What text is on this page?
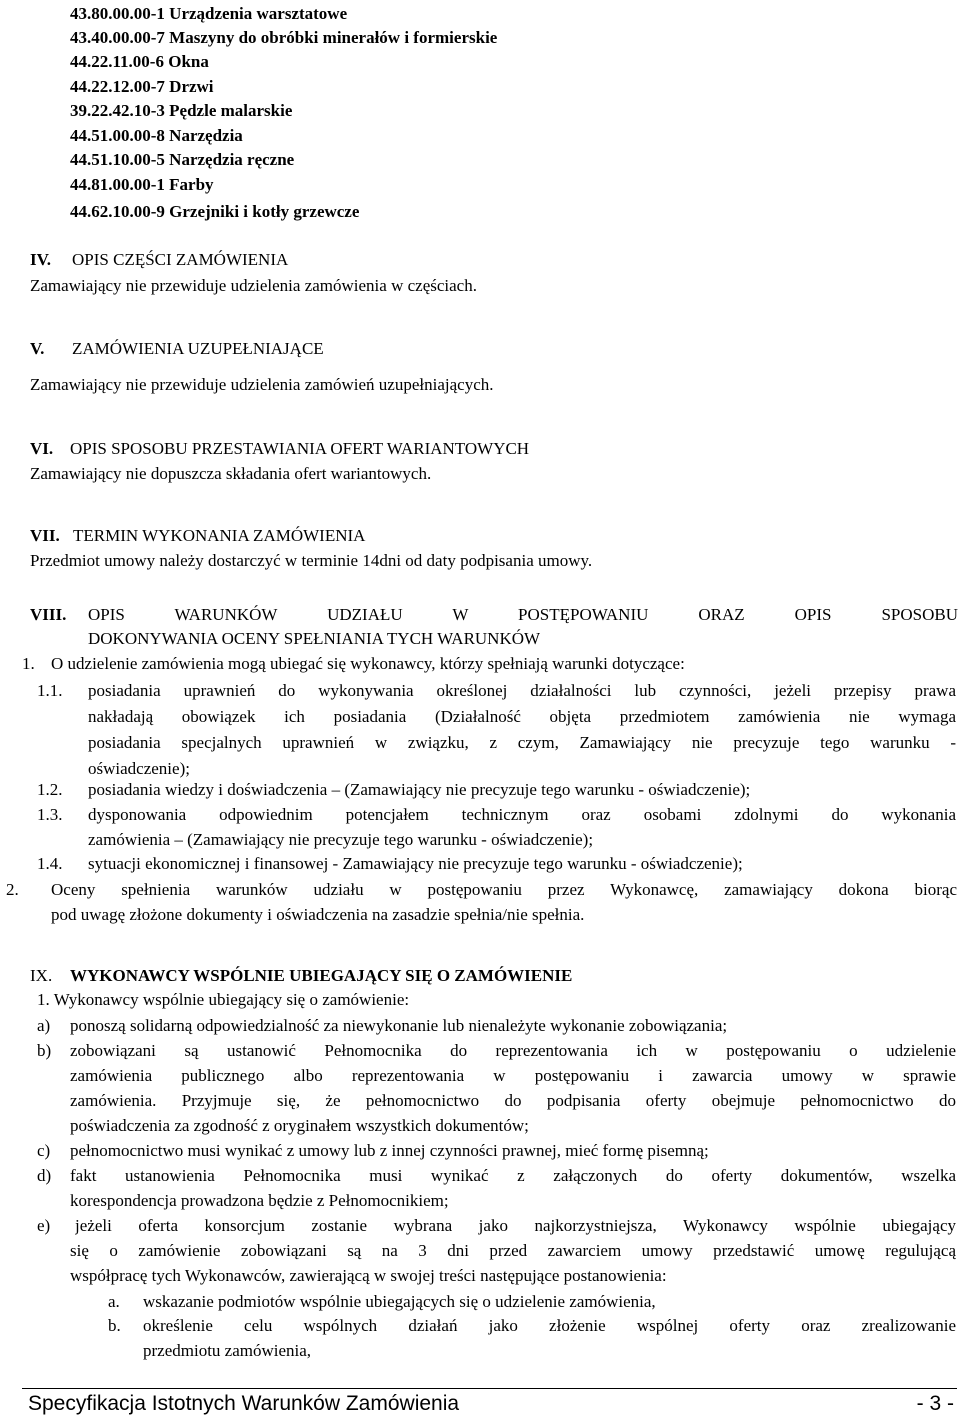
43.80.00.00-1 Urządzenia warsztatowe
43.40.00.00-7 Maszyny do obróbki minerałów i formierskie
44.22.11.00-6 Okna
44.22.12.00-7 Drzwi
39.22.42.10-3 Pędzle malarskie
44.51.00.00-8 Narzędzia
44.51.10.00-5 Narzędzia ręczne
44.81.00.00-1 Farby
44.62.10.00-9 Grzejniki i kotły grzewcze
IV. OPIS CZĘŚCI ZAMÓWIENIA
Zamawiający nie przewiduje udzielenia zamówienia w częściach.
V. ZAMÓWIENIA UZUPEŁNIAJĄCE
Zamawiający nie przewiduje udzielenia zamówień uzupełniających.
VI. OPIS SPOSOBU PRZESTAWIANIA OFERT WARIANTOWYCH
Zamawiający nie dopuszcza składania ofert wariantowych.
VII. TERMIN WYKONANIA ZAMÓWIENIA
Przedmiot umowy należy dostarczyć w terminie 14dni od daty podpisania umowy.
VIII. OPIS WARUNKÓW UDZIAŁU W POSTĘPOWANIU ORAZ OPIS SPOSOBU
DOKONYWANIA OCENY SPEŁNIANIA TYCH WARUNKÓW
1. O udzielenie zamówienia mogą ubiegać się wykonawcy, którzy spełniają warunki dotyczące:
1.1. posiadania uprawnień do wykonywania określonej działalności lub czynności, jeżeli przepisy prawa
nakładają obowiązek ich posiadania (Działalność objęta przedmiotem zamówienia nie wymaga
posiadania specjalnych uprawnień w związku, z czym, Zamawiający nie precyzuje tego warunku -
oświadczenie);
1.2. posiadania wiedzy i doświadczenia – (Zamawiający nie precyzuje tego warunku - oświadczenie);
1.3. dysponowania odpowiednim potencjałem technicznym oraz osobami zdolnymi do wykonania
zamówienia – (Zamawiający nie precyzuje tego warunku - oświadczenie);
1.4. sytuacji ekonomicznej i finansowej - Zamawiający nie precyzuje tego warunku - oświadczenie);
2. Oceny spełnienia warunków udziału w postępowaniu przez Wykonawcę, zamawiający dokona biorąc
pod uwagę złożone dokumenty i oświadczenia na zasadzie spełnia/nie spełnia.
IX. WYKONAWCY WSPÓLNIE UBIEGAJĄCY SIĘ O ZAMÓWIENIE
1. Wykonawcy wspólnie ubiegający się o zamówienie:
a) ponoszą solidarną odpowiedzialność za niewykonanie lub nienależyte wykonanie zobowiązania;
b) zobowiązani są ustanowić Pełnomocnika do reprezentowania ich w postępowaniu o udzielenie
zamówienia publicznego albo reprezentowania w postępowaniu i zawarcia umowy w sprawie
zamówienia. Przyjmuje się, że pełnomocnictwo do podpisania oferty obejmuje pełnomocnictwo do
poświadczenia za zgodność z oryginałem wszystkich dokumentów;
c) pełnomocnictwo musi wynikać z umowy lub z innej czynności prawnej, mieć formę pisemną;
d) fakt ustanowienia Pełnomocnika musi wynikać z załączonych do oferty dokumentów, wszelka
korespondencja prowadzona będzie z Pełnomocnikiem;
e) jeżeli oferta konsorcjum zostanie wybrana jako najkorzystniejsza, Wykonawcy wspólnie ubiegający
się o zamówienie zobowiązani są na 3 dni przed zawarciem umowy przedstawić umowę regulującą
współpracę tych Wykonawców, zawierającą w swojej treści następujące postanowienia:
a. wskazanie podmiotów wspólnie ubiegających się o udzielenie zamówienia,
b. określenie celu wspólnych działań jako złożenie wspólnej oferty oraz zrealizowanie
przedmiotu zamówienia,
Specyfikacja Istotnych Warunków Zamówienia	- 3 -
